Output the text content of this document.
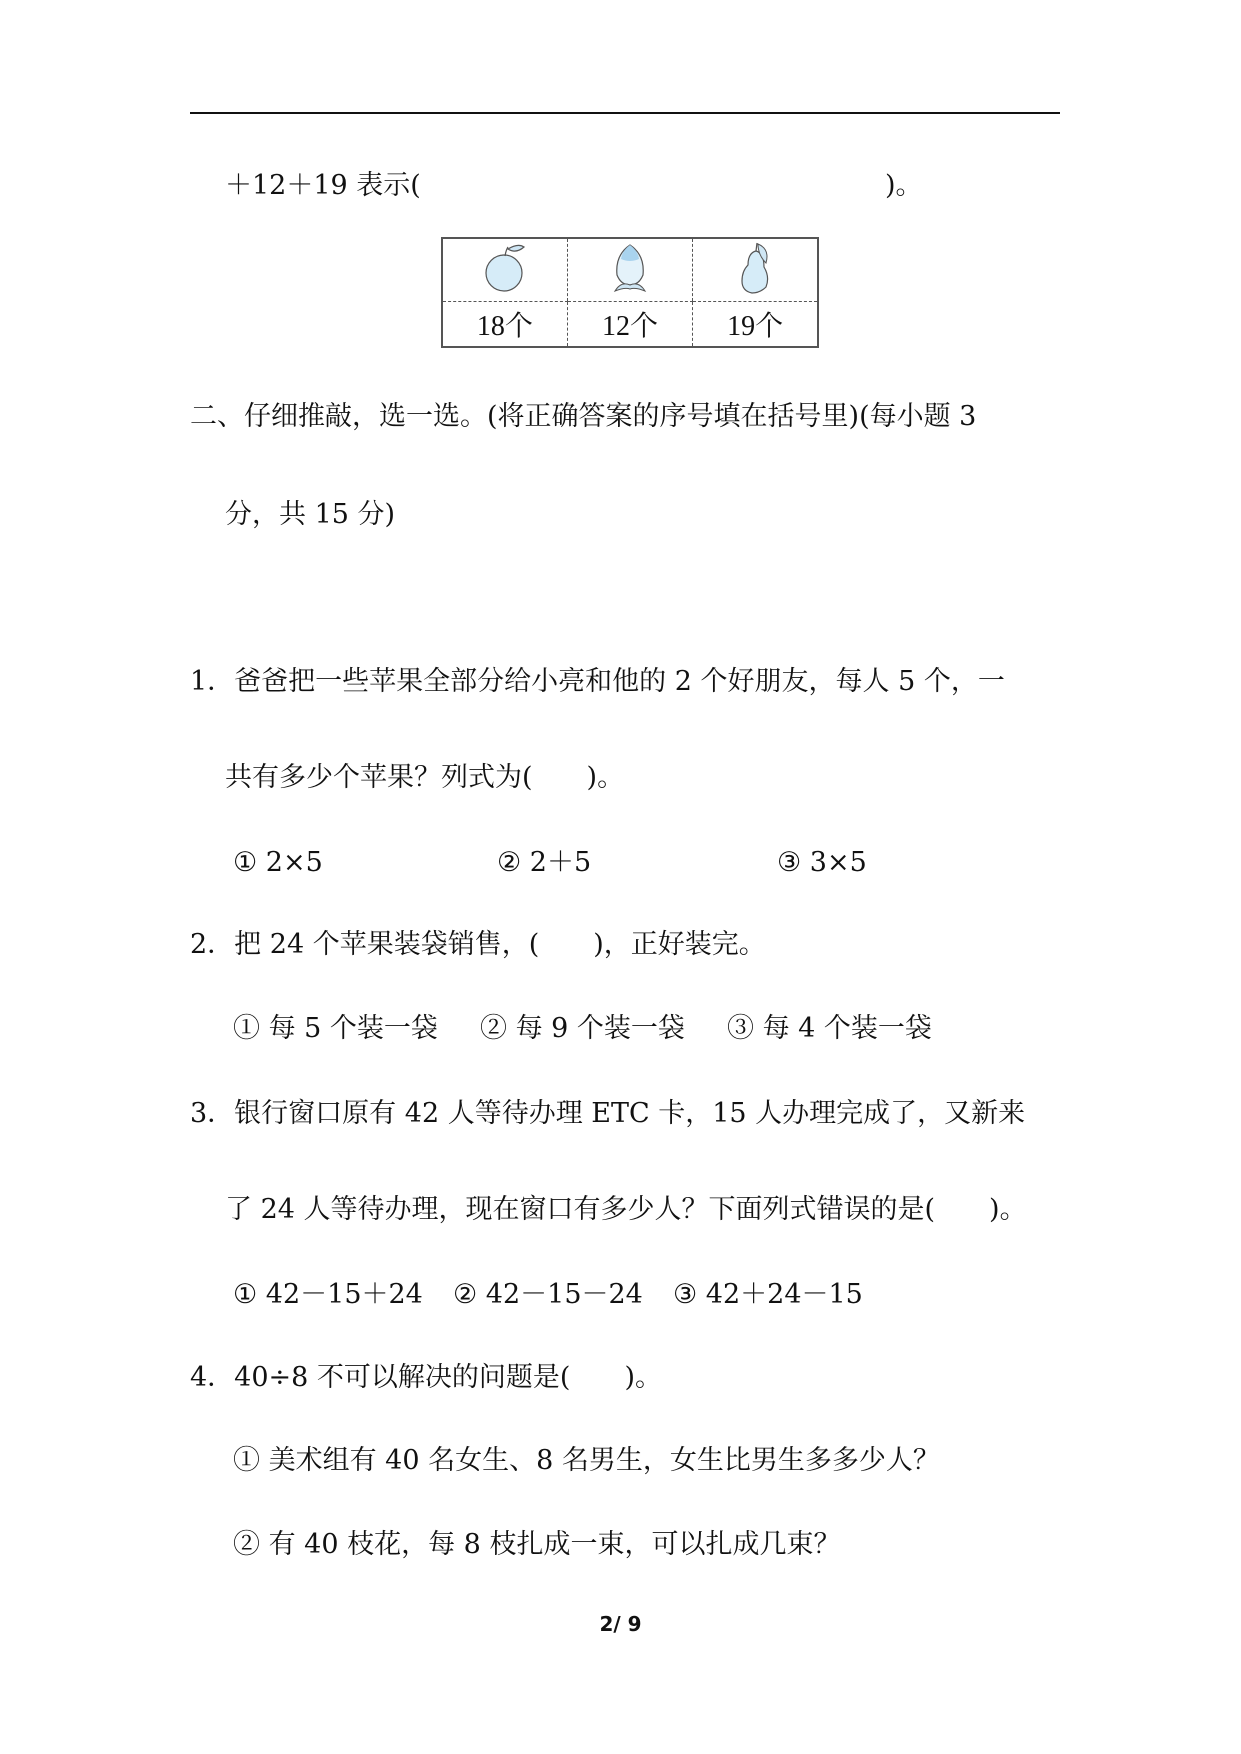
＋12＋19 表示(	)。

18个	12个	19个
二、仔细推敲，选一选。(将正确答案的序号填在括号里)(每小题 3
分，共 15 分)
1．爸爸把一些苹果全部分给小亮和他的 2 个好朋友，每人 5 个，一
共有多少个苹果？列式为(　　)。
① 2×5	② 2＋5	③ 3×5
2．把 24 个苹果装袋销售，(　　)，正好装完。
① 每 5 个装一袋 ② 每 9 个装一袋 ③ 每 4 个装一袋
3．银行窗口原有 42 人等待办理 ETC 卡，15 人办理完成了，又新来
了 24 人等待办理，现在窗口有多少人？下面列式错误的是(　　)。
① 42－15＋24 ② 42－15－24 ③ 42＋24－15
4．40÷8 不可以解决的问题是(　　)。
① 美术组有 40 名女生、8 名男生，女生比男生多多少人？
② 有 40 枝花，每 8 枝扎成一束，可以扎成几束？
2/ 9
